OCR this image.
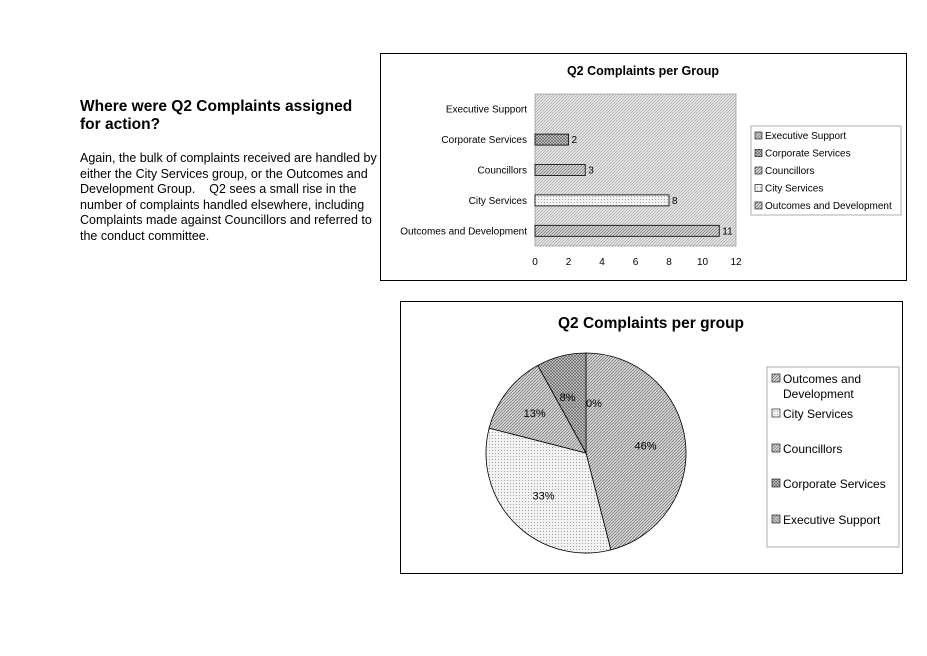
Where were Q2 Complaints assigned for action?

Again, the bulk of complaints received are handled by either the City Services group, or the Outcomes and Development Group.    Q2 sees a small rise in the number of complaints handled elsewhere, including Complaints made against Councillors and referred to the conduct committee.

Q2 Complaints per Group
Executive Support
Corporate Services	2
Councillors	3
City Services	8
Outcomes and Development	11
0	2	4	6	8	10 12
Executive Support
Corporate Services
Councillors
City Services
Outcomes and Development
Q2 Complaints per group
46%
33%
13%
8%
0%
Outcomes and Development
City Services
Councillors
Corporate Services
Executive Support
